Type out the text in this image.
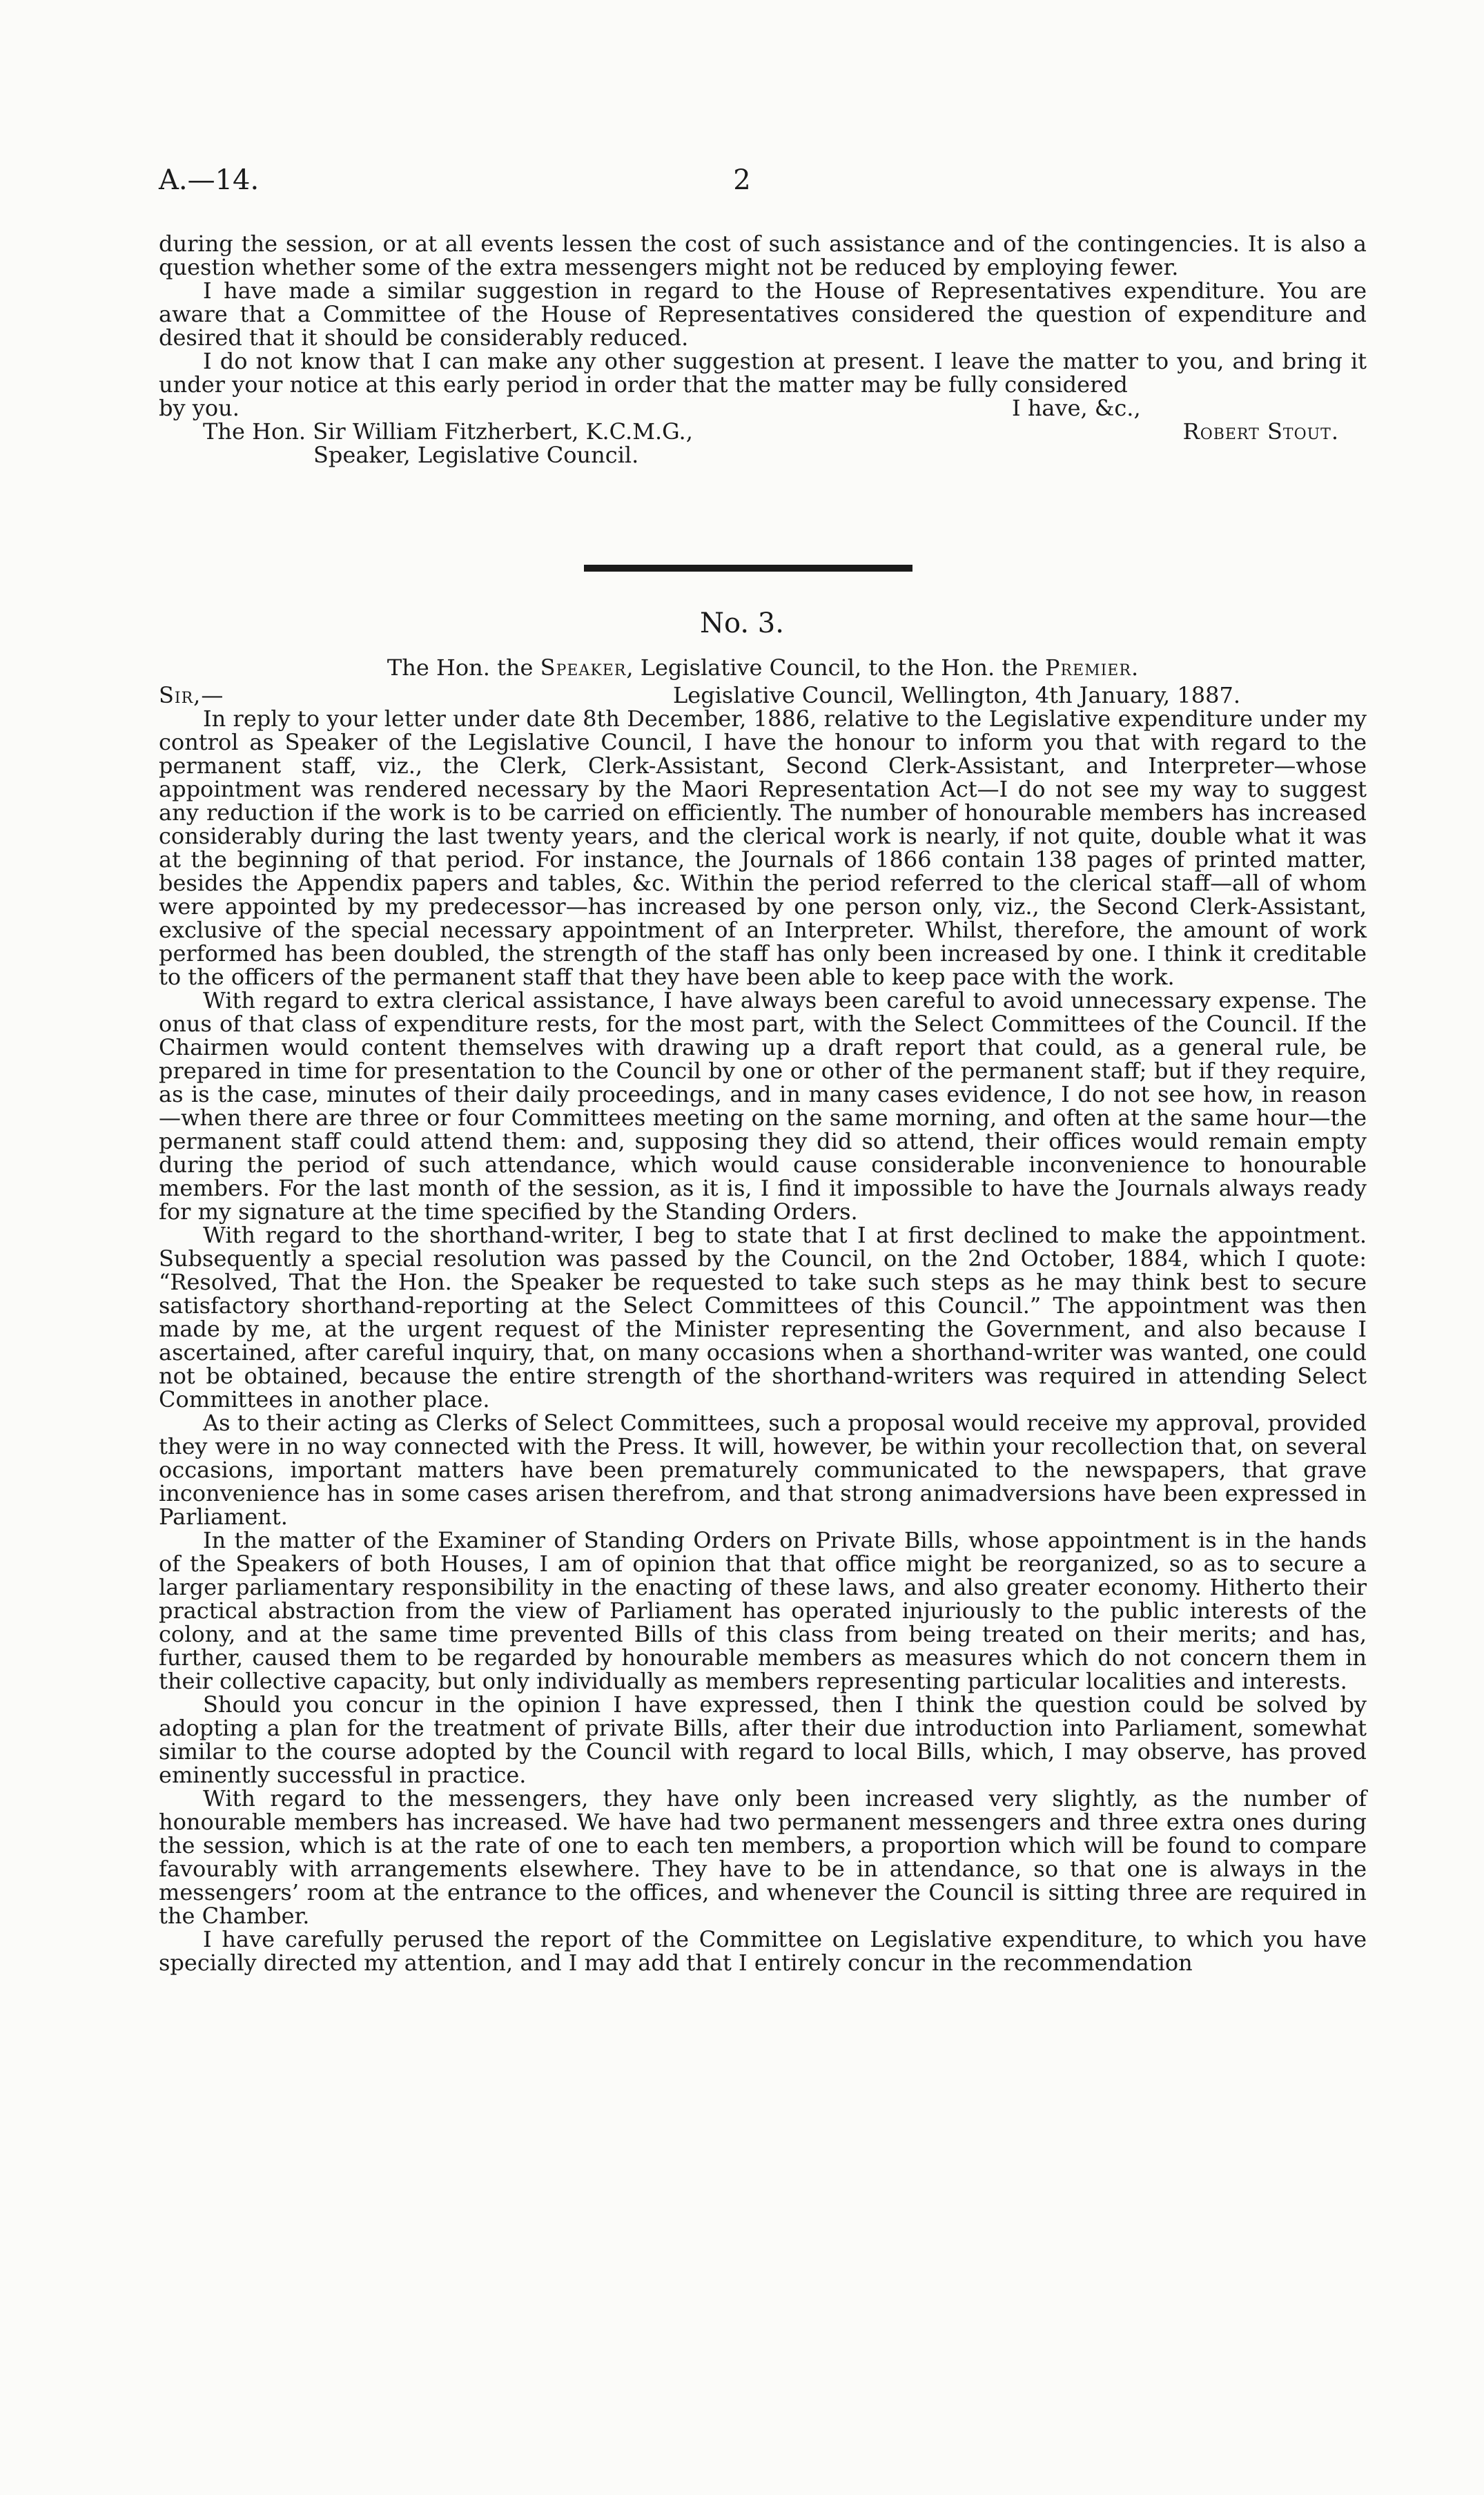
A.—14.	2

during the session, or at all events lessen the cost of such assistance and of the contingencies. It is also a question whether some of the extra messengers might not be reduced by employing fewer.

I have made a similar suggestion in regard to the House of Representatives expenditure. You are aware that a Committee of the House of Representatives considered the question of expenditure and desired that it should be considerably reduced.

I do not know that I can make any other suggestion at present. I leave the matter to you, and bring it under your notice at this early period in order that the matter may be fully considered

by you.	I have, &c.,
The Hon. Sir William Fitzherbert, K.C.M.G.,	Robert Stout.
Speaker, Legislative Council.
No. 3.
The Hon. the Speaker, Legislative Council, to the Hon. the Premier.
Sir,—	Legislative Council, Wellington, 4th January, 1887.

In reply to your letter under date 8th December, 1886, relative to the Legislative expenditure under my control as Speaker of the Legislative Council, I have the honour to inform you that with regard to the permanent staff, viz., the Clerk, Clerk-Assistant, Second Clerk-Assistant, and Interpreter—whose appointment was rendered necessary by the Maori Representation Act—I do not see my way to suggest any reduction if the work is to be carried on efficiently. The number of honourable members has increased considerably during the last twenty years, and the clerical work is nearly, if not quite, double what it was at the beginning of that period. For instance, the Journals of 1866 contain 138 pages of printed matter, besides the Appendix papers and tables, &c. Within the period referred to the clerical staff—all of whom were appointed by my predecessor—has increased by one person only, viz., the Second Clerk-Assistant, exclusive of the special necessary appointment of an Interpreter. Whilst, therefore, the amount of work performed has been doubled, the strength of the staff has only been increased by one. I think it creditable to the officers of the permanent staff that they have been able to keep pace with the work.

With regard to extra clerical assistance, I have always been careful to avoid unnecessary expense. The onus of that class of expenditure rests, for the most part, with the Select Committees of the Council. If the Chairmen would content themselves with drawing up a draft report that could, as a general rule, be prepared in time for presentation to the Council by one or other of the permanent staff; but if they require, as is the case, minutes of their daily proceedings, and in many cases evidence, I do not see how, in reason—when there are three or four Committees meeting on the same morning, and often at the same hour—the permanent staff could attend them: and, supposing they did so attend, their offices would remain empty during the period of such attendance, which would cause considerable inconvenience to honourable members. For the last month of the session, as it is, I find it impossible to have the Journals always ready for my signature at the time specified by the Standing Orders.

With regard to the shorthand-writer, I beg to state that I at first declined to make the appointment. Subsequently a special resolution was passed by the Council, on the 2nd October, 1884, which I quote: “Resolved, That the Hon. the Speaker be requested to take such steps as he may think best to secure satisfactory shorthand-reporting at the Select Committees of this Council.” The appointment was then made by me, at the urgent request of the Minister representing the Government, and also because I ascertained, after careful inquiry, that, on many occasions when a shorthand-writer was wanted, one could not be obtained, because the entire strength of the shorthand-writers was required in attending Select Committees in another place.

As to their acting as Clerks of Select Committees, such a proposal would receive my approval, provided they were in no way connected with the Press. It will, however, be within your recollection that, on several occasions, important matters have been prematurely communicated to the newspapers, that grave inconvenience has in some cases arisen therefrom, and that strong animadversions have been expressed in Parliament.

In the matter of the Examiner of Standing Orders on Private Bills, whose appointment is in the hands of the Speakers of both Houses, I am of opinion that that office might be reorganized, so as to secure a larger parliamentary responsibility in the enacting of these laws, and also greater economy. Hitherto their practical abstraction from the view of Parliament has operated injuriously to the public interests of the colony, and at the same time prevented Bills of this class from being treated on their merits; and has, further, caused them to be regarded by honourable members as measures which do not concern them in their collective capacity, but only individually as members representing particular localities and interests.

Should you concur in the opinion I have expressed, then I think the question could be solved by adopting a plan for the treatment of private Bills, after their due introduction into Parliament, somewhat similar to the course adopted by the Council with regard to local Bills, which, I may observe, has proved eminently successful in practice.

With regard to the messengers, they have only been increased very slightly, as the number of honourable members has increased. We have had two permanent messengers and three extra ones during the session, which is at the rate of one to each ten members, a proportion which will be found to compare favourably with arrangements elsewhere. They have to be in attendance, so that one is always in the messengers’ room at the entrance to the offices, and whenever the Council is sitting three are required in the Chamber.

I have carefully perused the report of the Committee on Legislative expenditure, to which you have specially directed my attention, and I may add that I entirely concur in the recommendation
